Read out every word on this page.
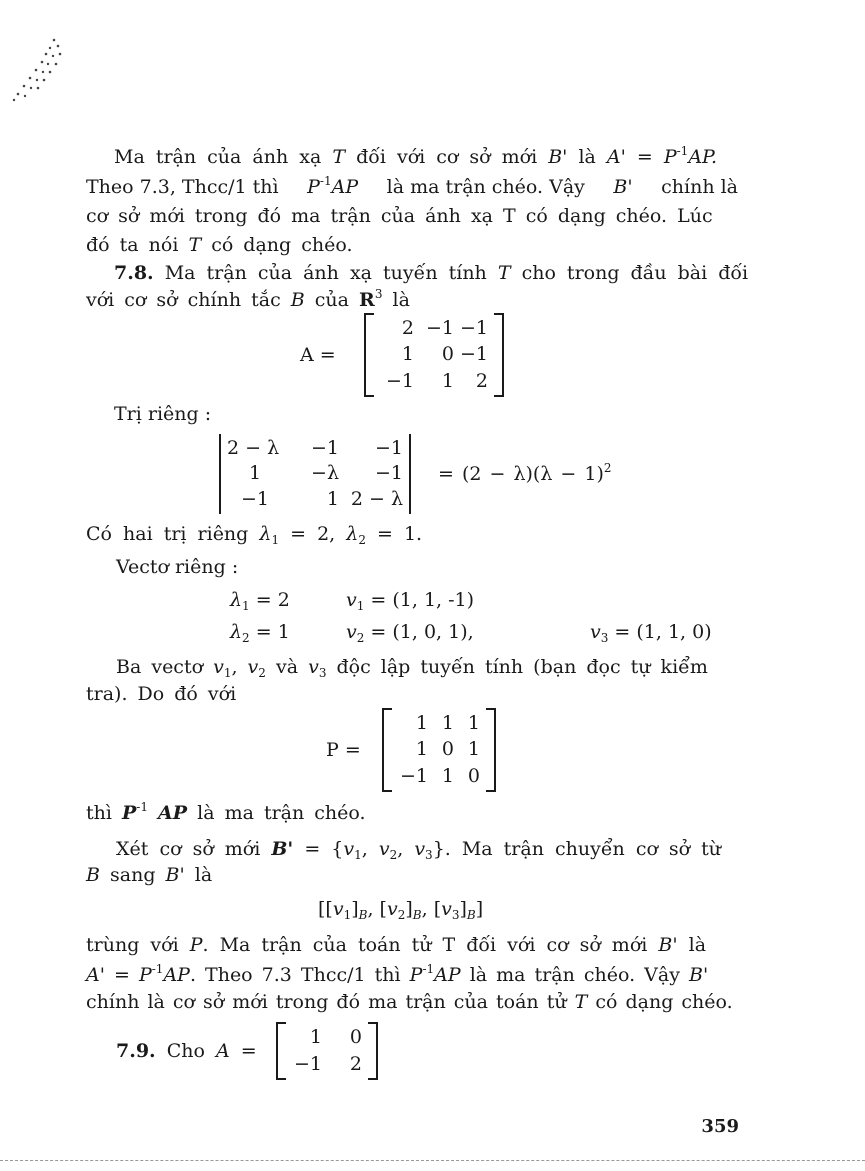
Ma trận của ánh xạ T đối với cơ sở mới B' là $A' = P^{-1}AP$.
Theo 7.3, Thcc/1 thì $P^{-1}AP$ là ma trận chéo. Vậy B' chính là
cơ sở mới trong đó ma trận của ánh xạ T có dạng chéo. Lúc
đó ta nói T có dạng chéo.
7.8. Ma trận của ánh xạ tuyến tính T cho trong đầu bài đối
với cơ sở chính tắc B của $R^3$ là
A =
2 −1 −1
1	0 −1
−1	1	2
Trị riêng :
2 − λ	−1	−1
1	−λ	−1
−1	1 2 − λ
= $(2 - \lambda)(\lambda - 1)^2$
Có hai trị riêng $\lambda_1 = 2$, $\lambda_2 = 1$.
Vectơ riêng :
$\lambda_1 = 2$	$v_1 = (1$, 1, -1)
$\lambda_2 = 1$	$v_2 = (1$, 0, 1),	$v_3 = (1$, 1, 0)
Ba vectơ $v_1$, $v_2$ và $v_3$ độc lập tuyến tính (bạn đọc tự kiểm
tra). Do đó với
P =
1 1 1
1 0 1
−1 1 0
thì $P^{-1}$ AP là ma trận chéo.
Xét cơ sở mới $B' = \{v_1$, $v_2$, $v_3$}. Ma trận chuyển cơ sở từ
B sang B' là
[$[v_1]_B$, $[v_2]_B$, $[v_3]_B$]
trùng với P. Ma trận của toán tử T đối với cơ sở mới B' là
$A' = P^{-1}AP$. Theo 7.3 Thcc/1 thì $P^{-1}AP$ là ma trận chéo. Vậy B'
chính là cơ sở mới trong đó ma trận của toán tử T có dạng chéo.
7.9. Cho A =
1	0
−1	2
359
